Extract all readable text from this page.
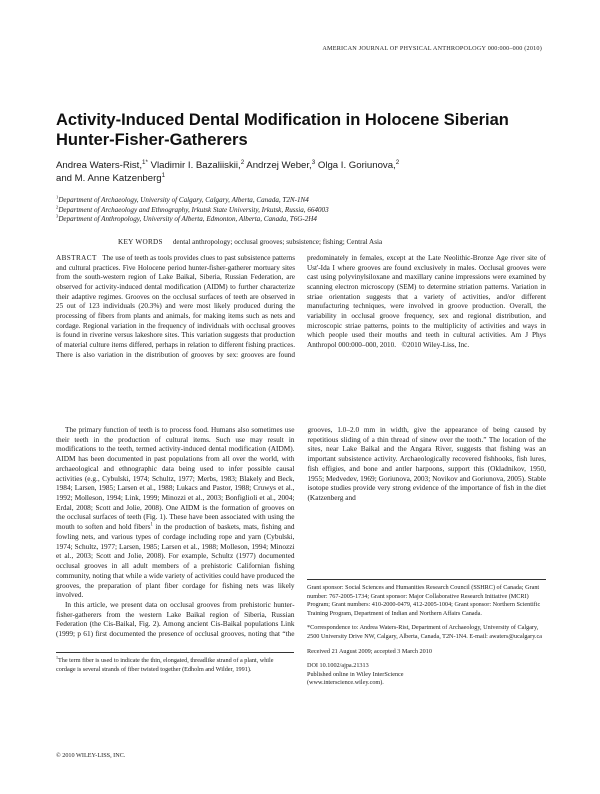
AMERICAN JOURNAL OF PHYSICAL ANTHROPOLOGY 000:000–000 (2010)
Activity-Induced Dental Modification in Holocene Siberian Hunter-Fisher-Gatherers
Andrea Waters-Rist,$^{1*}$ Vladimir I. Bazaliiskii,$^2$ Andrzej Weber,$^3$ Olga I. Goriunova,$^2$
and M. Anne Katzenberg$^1$
$^1$Department of Archaeology, University of Calgary, Calgary, Alberta, Canada, T2N-1N4
$^2$Department of Archaeology and Ethnography, Irkutsk State University, Irkutsk, Russia, 664003
$^3$Department of Anthropology, University of Alberta, Edmonton, Alberta, Canada, T6G-2H4
KEY WORDS dental anthropology; occlusal grooves; subsistence; fishing; Central Asia
ABSTRACT The use of teeth as tools provides clues to past subsistence patterns and cultural practices. Five Holocene period hunter-fisher-gatherer mortuary sites from the south-western region of Lake Baikal, Siberia, Russian Federation, are observed for activity-induced dental modification (AIDM) to further characterize their adaptive regimes. Grooves on the occlusal surfaces of teeth are observed in 25 out of 123 individuals (20.3%) and were most likely produced during the processing of fibers from plants and animals, for making items such as nets and cordage. Regional variation in the frequency of individuals with occlusal grooves is found in riverine versus lakeshore sites. This variation suggests that production of material culture items differed, perhaps in relation to different fishing practices. There is also variation in the distribution of grooves by sex: grooves are found predominately in females, except at the Late Neolithic-Bronze Age river site of Ust'-Ida I where grooves are found exclusively in males. Occlusal grooves were cast using polyvinylsiloxane and maxillary canine impressions were examined by scanning electron microscopy (SEM) to determine striation patterns. Variation in striae orientation suggests that a variety of activities, and/or different manufacturing techniques, were involved in groove production. Overall, the variability in occlusal groove frequency, sex and regional distribution, and microscopic striae patterns, points to the multiplicity of activities and ways in which people used their mouths and teeth in cultural activities. Am J Phys Anthropol 000:000–000, 2010. ©2010 Wiley-Liss, Inc.

The primary function of teeth is to process food. Humans also sometimes use their teeth in the production of cultural items. Such use may result in modifications to the teeth, termed activity-induced dental modification (AIDM). AIDM has been documented in past populations from all over the world, with archaeological and ethnographic data being used to infer possible causal activities (e.g., Cybulski, 1974; Schultz, 1977; Merbs, 1983; Blakely and Beck, 1984; Larsen, 1985; Larsen et al., 1988; Lukacs and Pastor, 1988; Cruwys et al., 1992; Molleson, 1994; Link, 1999; Minozzi et al., 2003; Bonfiglioli et al., 2004; Erdal, 2008; Scott and Jolie, 2008). One AIDM is the formation of grooves on the occlusal surfaces of teeth (Fig. 1). These have been associated with using the mouth to soften and hold fibers$^1$ in the production of baskets, mats, fishing and fowling nets, and various types of cordage including rope and yarn (Cybulski, 1974; Schultz, 1977; Larsen, 1985; Larsen et al., 1988; Molleson, 1994; Minozzi et al., 2003; Scott and Jolie, 2008). For example, Schultz (1977) documented occlusal grooves in all adult members of a prehistoric Californian fishing community, noting that while a wide variety of activities could have produced the grooves, the preparation of plant fiber cordage for fishing nets was likely involved.

In this article, we present data on occlusal grooves from prehistoric hunter-fisher-gatherers from the western Lake Baikal region of Siberia, Russian Federation (the Cis-Baikal, Fig. 2). Among ancient Cis-Baikal populations Link (1999; p 61) first documented the presence of occlusal grooves, noting that “the grooves, 1.0–2.0 mm in width, give the appearance of being caused by repetitious sliding of a thin thread of sinew over the tooth.” The location of the sites, near Lake Baikal and the Angara River, suggests that fishing was an important subsistence activity. Archaeologically recovered fishhooks, fish lures, fish effigies, and bone and antler harpoons, support this (Okladnikov, 1950, 1955; Medvedev, 1969; Goriunova, 2003; Novikov and Goriunova, 2005). Stable isotope studies provide very strong evidence of the importance of fish in the diet (Katzenberg and

$^1$The term fiber is used to indicate the thin, elongated, threadlike strand of a plant, while cordage is several strands of fiber twisted together (Edholm and Wilder, 1991).

Grant sponsor: Social Sciences and Humanities Research Council (SSHRC) of Canada; Grant number: 767-2005-1734; Grant sponsor: Major Collaborative Research Initiative (MCRI) Program; Grant numbers: 410-2000-0479, 412-2005-1004; Grant sponsor: Northern Scientific Training Program, Department of Indian and Northern Affairs Canada.

*Correspondence to: Andrea Waters-Rist, Department of Archaeology, University of Calgary, 2500 University Drive NW, Calgary, Alberta, Canada, T2N-1N4. E-mail: awaters@ucalgary.ca

Received 21 August 2009; accepted 3 March 2010

DOI 10.1002/ajpa.21313
Published online in Wiley InterScience
(www.interscience.wiley.com).
© 2010 WILEY-LISS, INC.
